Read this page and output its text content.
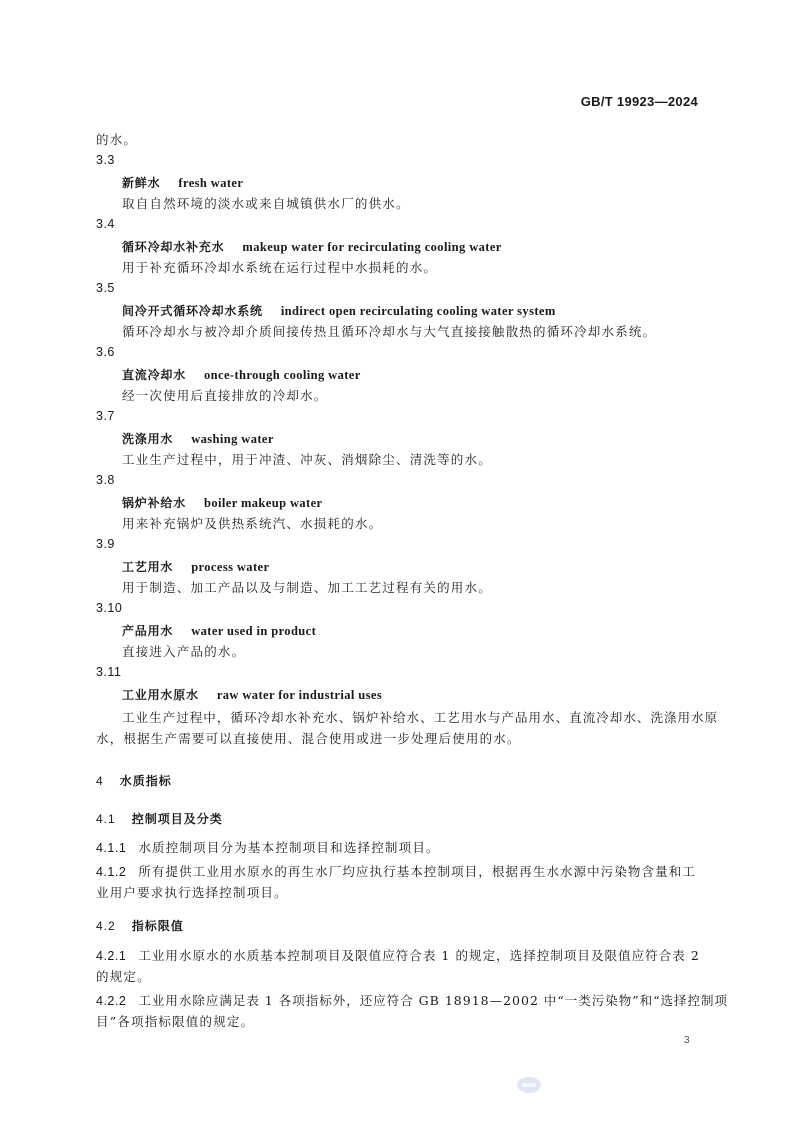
GB/T 19923—2024
的水。
3.3
新鲜水 fresh water
取自自然环境的淡水或来自城镇供水厂的供水。
3.4
循环冷却水补充水 makeup water for recirculating cooling water
用于补充循环冷却水系统在运行过程中水损耗的水。
3.5
间冷开式循环冷却水系统 indirect open recirculating cooling water system
循环冷却水与被冷却介质间接传热且循环冷却水与大气直接接触散热的循环冷却水系统。
3.6
直流冷却水 once-through cooling water
经一次使用后直接排放的冷却水。
3.7
洗涤用水 washing water
工业生产过程中，用于冲渣、冲灰、消烟除尘、清洗等的水。
3.8
锅炉补给水 boiler makeup water
用来补充锅炉及供热系统汽、水损耗的水。
3.9
工艺用水 process water
用于制造、加工产品以及与制造、加工工艺过程有关的用水。
3.10
产品用水 water used in product
直接进入产品的水。
3.11
工业用水原水 raw water for industrial uses
工业生产过程中，循环冷却水补充水、锅炉补给水、工艺用水与产品用水、直流冷却水、洗涤用水原
水，根据生产需要可以直接使用、混合使用或进一步处理后使用的水。
4 水质指标
4.1 控制项目及分类
4.1.1 水质控制项目分为基本控制项目和选择控制项目。
4.1.2 所有提供工业用水原水的再生水厂均应执行基本控制项目，根据再生水水源中污染物含量和工
业用户要求执行选择控制项目。
4.2 指标限值
4.2.1 工业用水原水的水质基本控制项目及限值应符合表 1 的规定，选择控制项目及限值应符合表 2
的规定。
4.2.2 工业用水除应满足表 1 各项指标外，还应符合 GB 18918—2002 中“一类污染物”和“选择控制项
目”各项指标限值的规定。
3
